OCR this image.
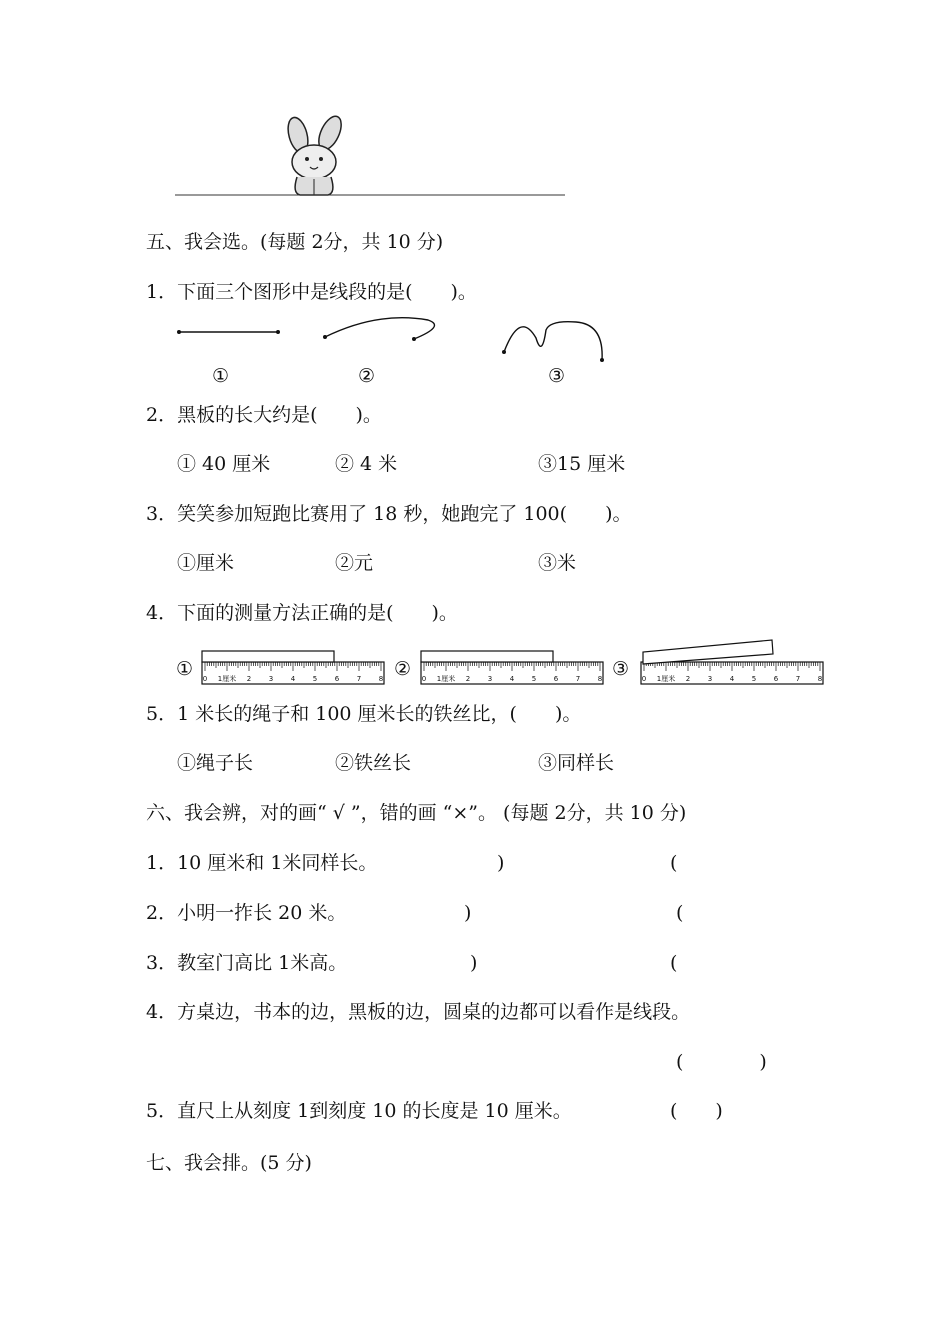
五、我会选。(每题 2分，共 10 分)
1．下面三个图形中是线段的是(　　)。
①	②	③
2．黑板的长大约是(　　)。
① 40 厘米	② 4 米	③15 厘米
3．笑笑参加短跑比赛用了 18 秒，她跑完了 100(　　)。
①厘米	②元	③米
4．下面的测量方法正确的是(　　)。
①	②	③
0 1厘米 2	3	4	5	6	7	8	0 1厘米 2	3	4	5	6	7	8	0 1厘米 2	3	4	5	6	7	8
5．1 米长的绳子和 100 厘米长的铁丝比，(　　)。
①绳子长	②铁丝长	③同样长
六、我会辨，对的画“ √ ”，错的画 “×”。 (每题 2分，共 10 分)
1．10 厘米和 1米同样长。	)	(
2．小明一拃长 20 米。	)	(
3．教室门高比 1米高。	)	(
4．方桌边，书本的边，黑板的边，圆桌的边都可以看作是线段。
(　　　　)
5．直尺上从刻度 1到刻度 10 的长度是 10 厘米。	(　　)
七、我会排。(5 分)
